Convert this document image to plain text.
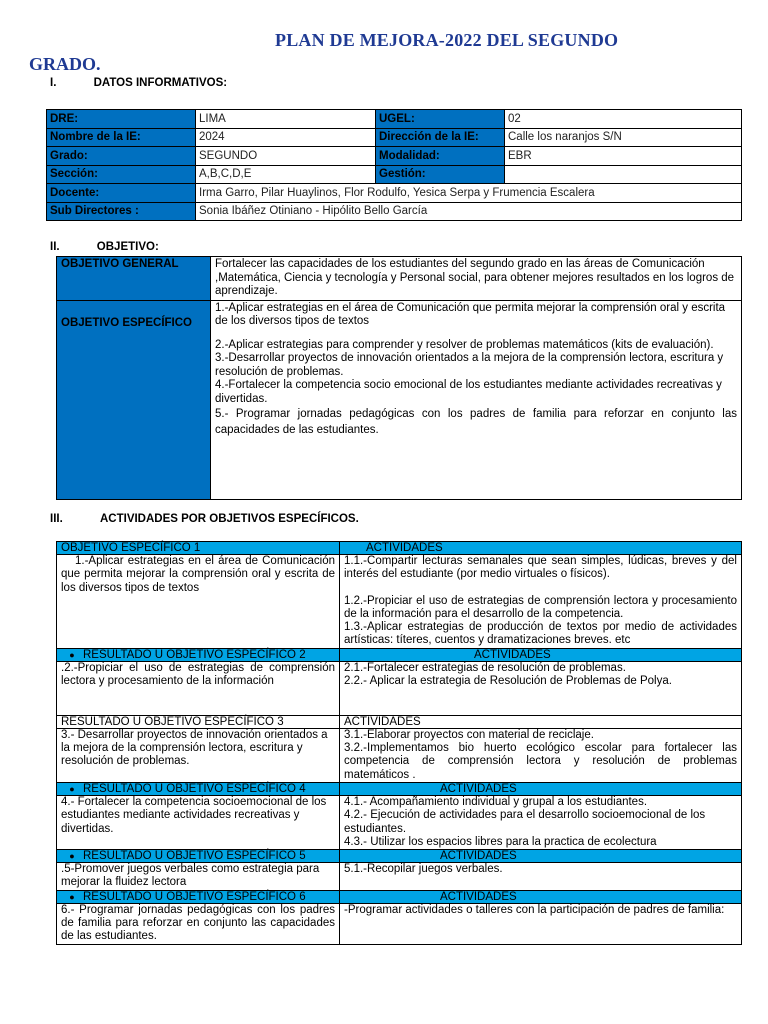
PLAN DE MEJORA-2022 DEL SEGUNDO
GRADO.
I.	DATOS INFORMATIVOS:
DRE:	LIMA	UGEL:	02
Nombre de la IE:	2024	Dirección de la IE:	Calle los naranjos S/N
Grado:	SEGUNDO	Modalidad:	EBR
Sección:	A,B,C,D,E	Gestión:	
Docente:	Irma Garro, Pilar Huaylinos, Flor Rodulfo, Yesica Serpa y Frumencia Escalera		
Sub Directores :	Sonia Ibáñez Otiniano - Hipólito Bello García		
II.	OBJETIVO:
OBJETIVO GENERAL	Fortalecer las capacidades de los estudiantes del segundo grado en las áreas de Comunicación ,Matemática, Ciencia y tecnología y Personal social, para obtener mejores resultados en los logros de aprendizaje.
OBJETIVO ESPECÍFICO	1.-Aplicar estrategias en el área de Comunicación que permita mejorar la comprensión oral y escrita de los diversos tipos de textos
2.-Aplicar estrategias para comprender y resolver de problemas matemáticos (kits de evaluación).
3.-Desarrollar proyectos de innovación orientados a la mejora de la comprensión lectora, escritura y resolución de problemas.
4.-Fortalecer la competencia socio emocional de los estudiantes mediante actividades recreativas y divertidas.
5.- Programar jornadas pedagógicas con los padres de familia para reforzar en conjunto las capacidades de las estudiantes.
III.	ACTIVIDADES POR OBJETIVOS ESPECÍFICOS.
OBJETIVO ESPECÍFICO 1	ACTIVIDADES
1.-Aplicar estrategias en el área de Comunicación que permita mejorar la comprensión oral y escrita de los diversos tipos de textos	1.1.-Compartir lecturas semanales que sean simples, lúdicas, breves y del interés del estudiante (por medio virtuales o físicos).
1.2.-Propiciar el uso de estrategias de comprensión lectora y procesamiento de la información para el desarrollo de la competencia.
1.3.-Aplicar estrategias de producción de textos por medio de actividades artísticas: títeres, cuentos y dramatizaciones breves. etc

● RESULTADO U OBJETIVO ESPECÍFICO 2	ACTIVIDADES
.2.-Propiciar el uso de estrategias de comprensión lectora y procesamiento de la información	2.1.-Fortalecer estrategias de resolución de problemas.
2.2.- Aplicar la estrategia de Resolución de Problemas de Polya.

RESULTADO U OBJETIVO ESPECÍFICO 3	ACTIVIDADES
3.- Desarrollar proyectos de innovación orientados a la mejora de la comprensión lectora, escritura y resolución de problemas.	3.1.-Elaborar proyectos con material de reciclaje.
3.2.-Implementamos bio huerto ecológico escolar para fortalecer las competencia de comprensión lectora y resolución de problemas matemáticos .

● RESULTADO U OBJETIVO ESPECÍFICO 4	ACTIVIDADES
4.- Fortalecer la competencia socioemocional de los estudiantes mediante actividades recreativas y divertidas.	4.1.- Acompañamiento individual y grupal a los estudiantes.
4.2.- Ejecución de actividades para el desarrollo socioemocional de los estudiantes.
4.3.- Utilizar los espacios libres para la practica de ecolectura

● RESULTADO U OBJETIVO ESPECÍFICO 5	ACTIVIDADES
.5-Promover juegos verbales como estrategia para mejorar la fluidez lectora	5.1.-Recopilar juegos verbales.

● RESULTADO U OBJETIVO ESPECÍFICO 6	ACTIVIDADES
6.- Programar jornadas pedagógicas con los padres de familia para reforzar en conjunto las capacidades de las estudiantes.	-Programar actividades o talleres con la participación de padres de familia:
